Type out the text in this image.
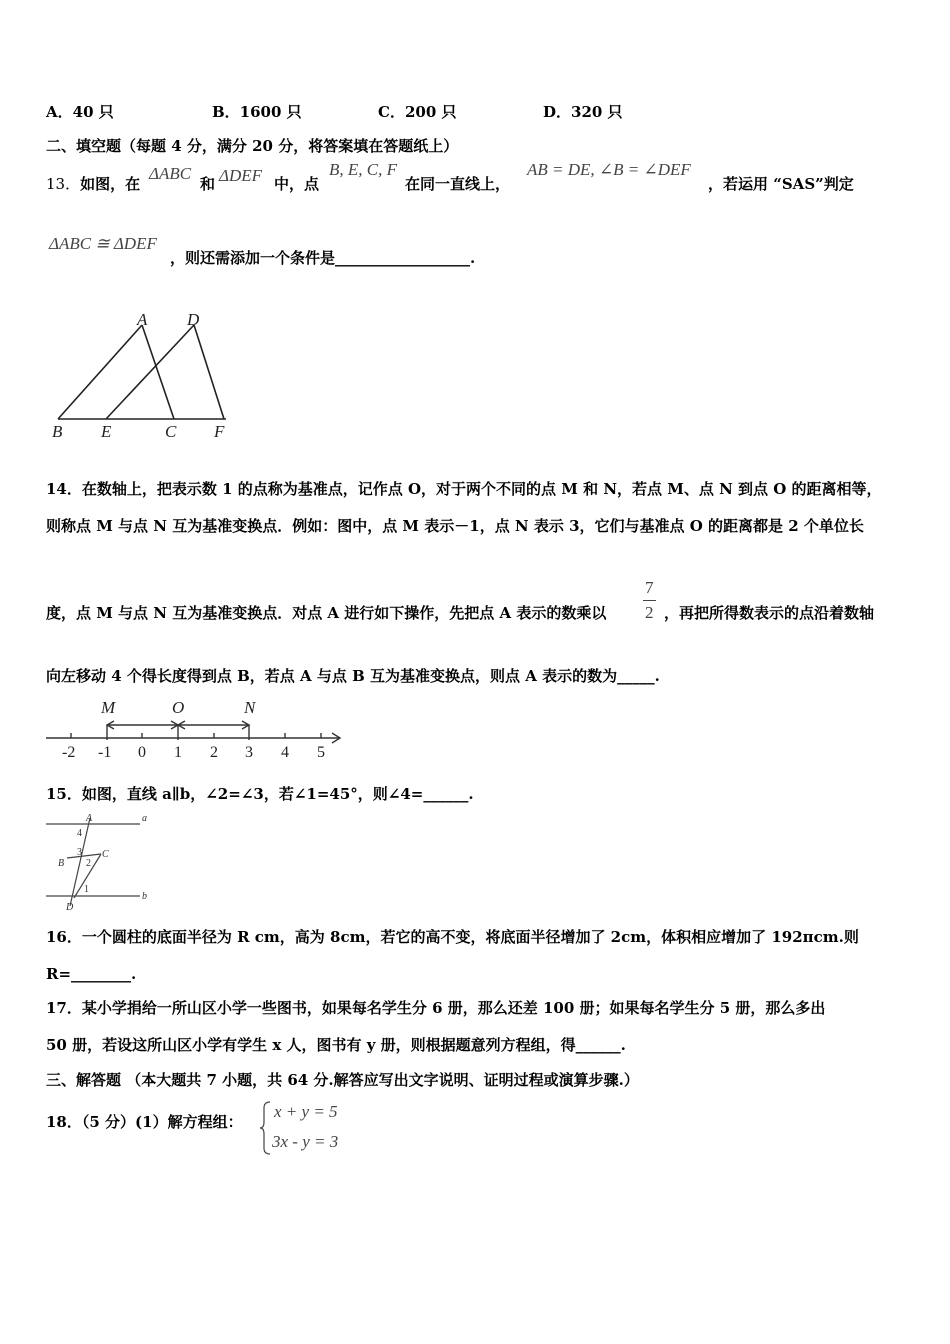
A．40 只	B．1600 只	C．200 只	D．320 只
二、填空题（每题 4 分，满分 20 分，将答案填在答题纸上）
13．如图，在
ΔABC
和 ΔDEF 中，点
B, E, C, F
在同一直线上，
AB = DE, ∠B = ∠DEF
，若运用 “SAS”判定
ΔABC ≅ ΔDEF
，则还需添加一个条件是__________________.
A D
B E	C F
14．在数轴上，把表示数 1 的点称为基准点，记作点 O，对于两个不同的点 M 和 N，若点 M、点 N 到点 O 的距离相等，
则称点 M 与点 N 互为基准变换点．例如：图中，点 M 表示－1，点 N 表示 3，它们与基准点 O 的距离都是 2 个单位长
度，点 M 与点 N 互为基准变换点．对点 A 进行如下操作，先把点 A 表示的数乘以
7
2 ，再把所得数表示的点沿着数轴
向左移动 4 个得长度得到点 B，若点 A 与点 B 互为基准变换点，则点 A 表示的数为_____.
M	O	N
-2 -1 0 1 2 3 4 5
15．如图，直线 a∥b，∠2=∠3，若∠1=45°，则∠4=______.
a
b
A
B
C
D
1
2
3
4
16．一个圆柱的底面半径为 R cm，高为 8cm，若它的高不变，将底面半径增加了 2cm，体积相应增加了 192πcm.则
R=________.
17．某小学捐给一所山区小学一些图书，如果每名学生分 6 册，那么还差 100 册；如果每名学生分 5 册，那么多出
50 册，若设这所山区小学有学生 x 人，图书有 y 册，则根据题意列方程组，得______.
三、解答题 （本大题共 7 小题，共 64 分.解答应写出文字说明、证明过程或演算步骤.）
18．（5 分）(1）解方程组：
x + y = 5
3x - y = 3
